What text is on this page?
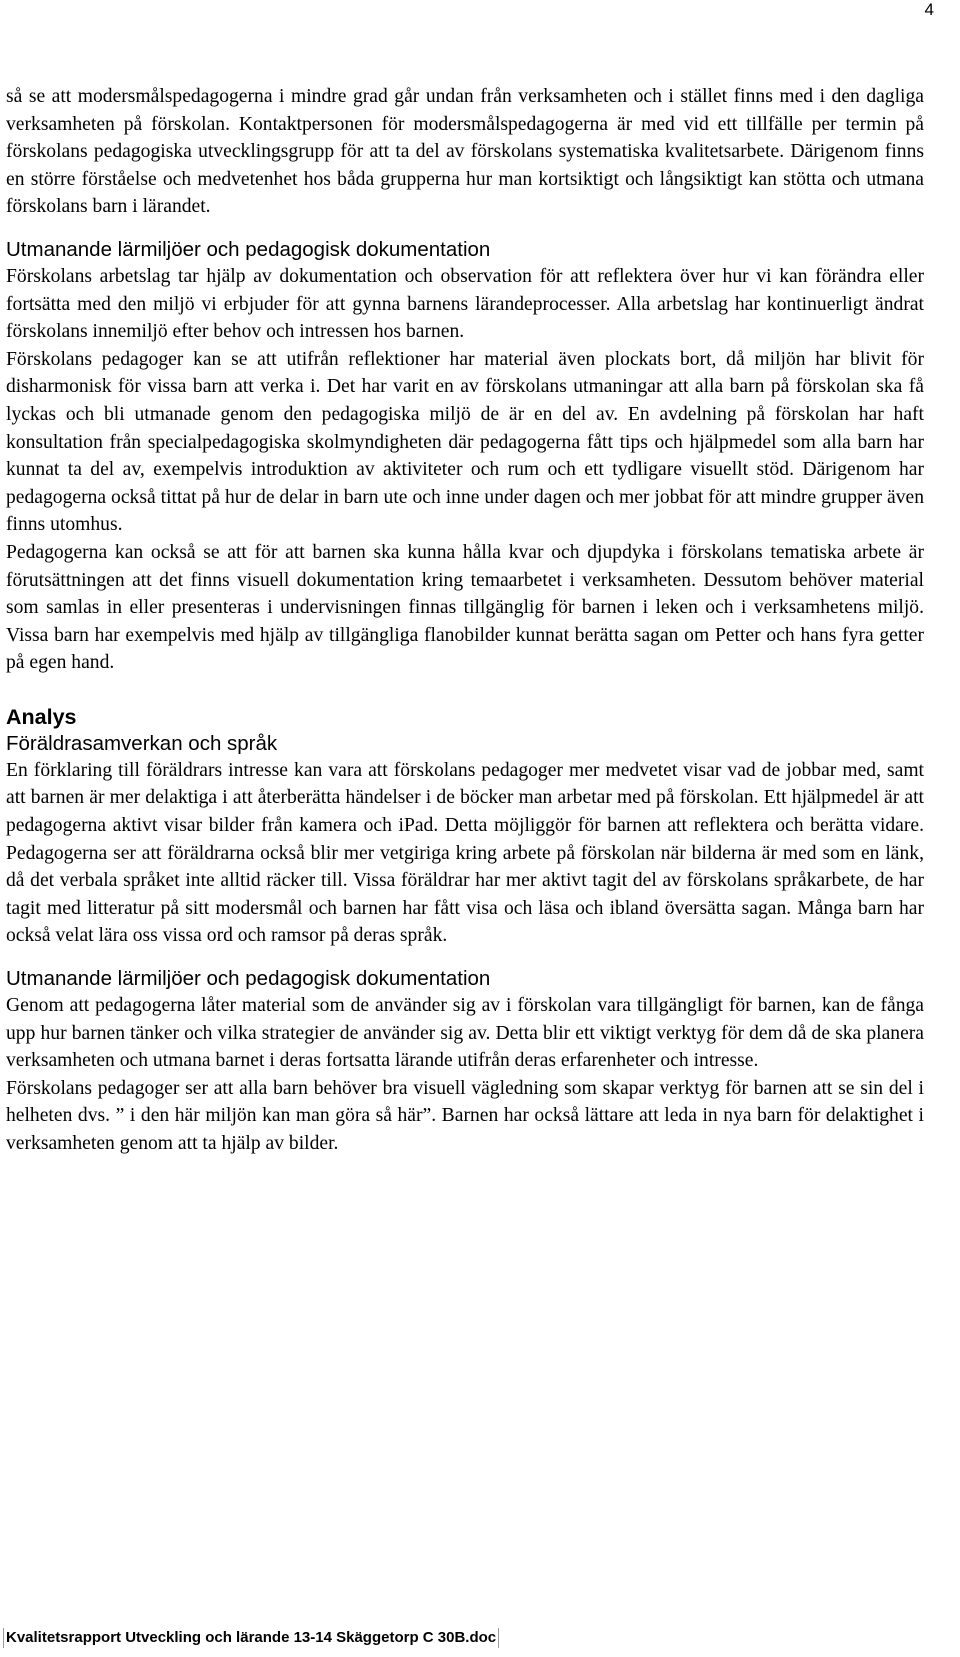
4

så se att modersmålspedagogerna i mindre grad går undan från verksamheten och i stället finns med i den dagliga verksamheten på förskolan. Kontaktpersonen för modersmålspedagogerna är med vid ett tillfälle per termin på förskolans pedagogiska utvecklingsgrupp för att ta del av förskolans systematiska kvalitetsarbete. Därigenom finns en större förståelse och medvetenhet hos båda grupperna hur man kortsiktigt och långsiktigt kan stötta och utmana förskolans barn i lärandet.

Utmanande lärmiljöer och pedagogisk dokumentation

Förskolans arbetslag tar hjälp av dokumentation och observation för att reflektera över hur vi kan förändra eller fortsätta med den miljö vi erbjuder för att gynna barnens lärandeprocesser. Alla arbetslag har kontinuerligt ändrat förskolans innemiljö efter behov och intressen hos barnen.

Förskolans pedagoger kan se att utifrån reflektioner har material även plockats bort, då miljön har blivit för disharmonisk för vissa barn att verka i. Det har varit en av förskolans utmaningar att alla barn på förskolan ska få lyckas och bli utmanade genom den pedagogiska miljö de är en del av. En avdelning på förskolan har haft konsultation från specialpedagogiska skolmyndigheten där pedagogerna fått tips och hjälpmedel som alla barn har kunnat ta del av, exempelvis introduktion av aktiviteter och rum och ett tydligare visuellt stöd. Därigenom har pedagogerna också tittat på hur de delar in barn ute och inne under dagen och mer jobbat för att mindre grupper även finns utomhus.

Pedagogerna kan också se att för att barnen ska kunna hålla kvar och djupdyka i förskolans tematiska arbete är förutsättningen att det finns visuell dokumentation kring temaarbetet i verksamheten. Dessutom behöver material som samlas in eller presenteras i undervisningen finnas tillgänglig för barnen i leken och i verksamhetens miljö. Vissa barn har exempelvis med hjälp av tillgängliga flanobilder kunnat berätta sagan om Petter och hans fyra getter på egen hand.

Analys
Föräldrasamverkan och språk

En förklaring till föräldrars intresse kan vara att förskolans pedagoger mer medvetet visar vad de jobbar med, samt att barnen är mer delaktiga i att återberätta händelser i de böcker man arbetar med på förskolan. Ett hjälpmedel är att pedagogerna aktivt visar bilder från kamera och iPad. Detta möjliggör för barnen att reflektera och berätta vidare. Pedagogerna ser att föräldrarna också blir mer vetgiriga kring arbete på förskolan när bilderna är med som en länk, då det verbala språket inte alltid räcker till. Vissa föräldrar har mer aktivt tagit del av förskolans språkarbete, de har tagit med litteratur på sitt modersmål och barnen har fått visa och läsa och ibland översätta sagan. Många barn har också velat lära oss vissa ord och ramsor på deras språk.

Utmanande lärmiljöer och pedagogisk dokumentation

Genom att pedagogerna låter material som de använder sig av i förskolan vara tillgängligt för barnen, kan de fånga upp hur barnen tänker och vilka strategier de använder sig av. Detta blir ett viktigt verktyg för dem då de ska planera verksamheten och utmana barnet i deras fortsatta lärande utifrån deras erfarenheter och intresse.

Förskolans pedagoger ser att alla barn behöver bra visuell vägledning som skapar verktyg för barnen att se sin del i helheten dvs. ” i den här miljön kan man göra så här”. Barnen har också lättare att leda in nya barn för delaktighet i verksamheten genom att ta hjälp av bilder.

Kvalitetsrapport Utveckling och lärande 13-14 Skäggetorp C 30B.doc
